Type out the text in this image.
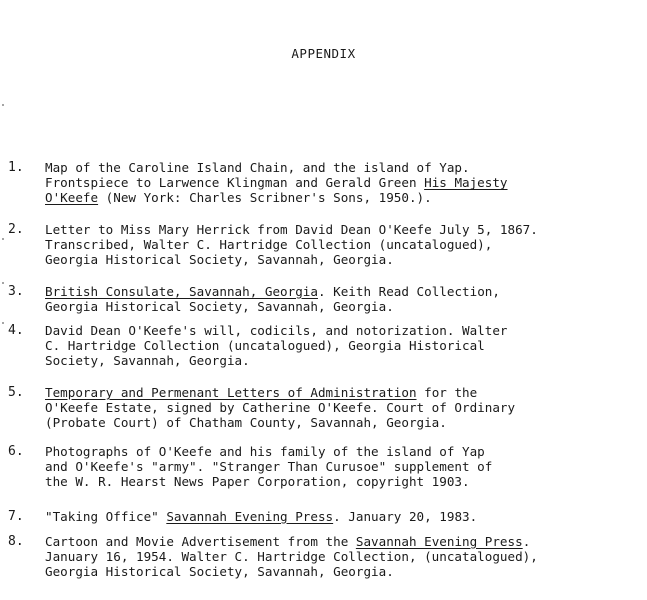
APPENDIX
1.	Map of the Caroline Island Chain, and the island of Yap.
Frontspiece to Larwence Klingman and Gerald Green His Majesty
O'Keefe (New York: Charles Scribner's Sons, 1950.).
2.	Letter to Miss Mary Herrick from David Dean O'Keefe July 5, 1867.
Transcribed, Walter C. Hartridge Collection (uncatalogued),
Georgia Historical Society, Savannah, Georgia.
3.	British Consulate, Savannah, Georgia. Keith Read Collection,
Georgia Historical Society, Savannah, Georgia.
4.	David Dean O'Keefe's will, codicils, and notorization. Walter
C. Hartridge Collection (uncatalogued), Georgia Historical
Society, Savannah, Georgia.
5.	Temporary and Permenant Letters of Administration for the
O'Keefe Estate, signed by Catherine O'Keefe. Court of Ordinary
(Probate Court) of Chatham County, Savannah, Georgia.
6.	Photographs of O'Keefe and his family of the island of Yap
and O'Keefe's "army". "Stranger Than Curusoe" supplement of
the W. R. Hearst News Paper Corporation, copyright 1903.
7.	"Taking Office" Savannah Evening Press. January 20, 1983.
8.	Cartoon and Movie Advertisement from the Savannah Evening Press.
January 16, 1954. Walter C. Hartridge Collection, (uncatalogued),
Georgia Historical Society, Savannah, Georgia.
